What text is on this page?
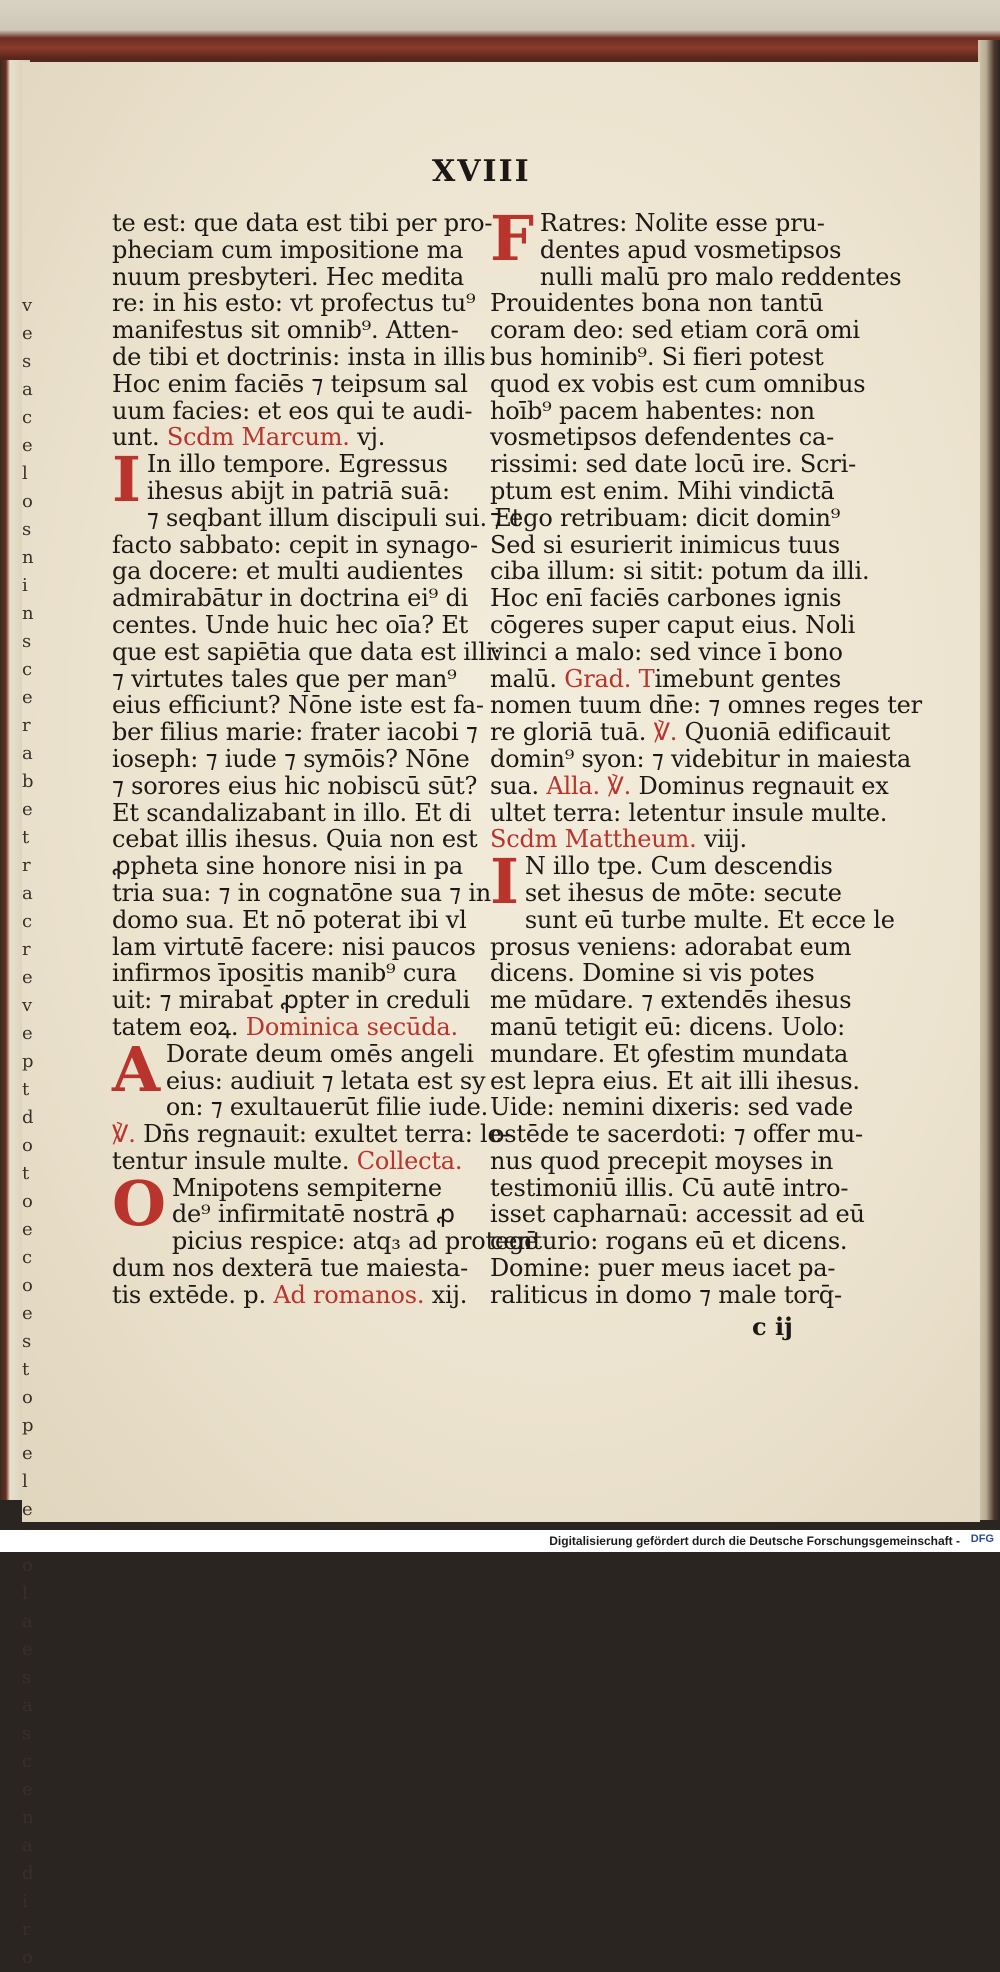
v e s a c e l o s n i n s c e r a b e t r a c r e v e p t d o t o e c o e s t o p e l e o l a e s a s c e n a d i r o
XVIII
te est: que data est tibi per pro-
pheciam cum impositione ma
nuum presbyteri. Hec medita
re: in his esto: vt profectus tu⁹
manifestus sit omnib⁹. Atten-
de tibi et doctrinis: insta in illis
Hoc enim faciēs ⁊ teipsum sal
uum facies: et eos qui te audi-
unt. Scdm Marcum. vj.
I In illo tempore. Egressus
ihesus abijt in patriā suā:
⁊ seqbant illum discipuli sui. Et
facto sabbato: cepit in synago-
ga docere: et multi audientes
admirabātur in doctrina ei⁹ di
centes. Unde huic hec oīa? Et
que est sapiētia que data est illi:
⁊ virtutes tales que per man⁹
eius efficiunt? Nōne iste est fa-
ber filius marie: frater iacobi ⁊
ioseph: ⁊ iude ⁊ symōis? Nōne
⁊ sorores eius hic nobiscū sūt?
Et scandalizabant in illo. Et di
cebat illis ihesus. Quia non est
ꝓpheta sine honore nisi in pa
tria sua: ⁊ in cognatōne sua ⁊ in
domo sua. Et nō poterat ibi vl
lam virtutē facere: nisi paucos
infirmos īpositis manib⁹ cura
uit: ⁊ mirabat̄ ꝓpter in creduli
tatem eoꝝ. Dominica secūda.
A Dorate deum omēs angeli
eius: audiuit ⁊ letata est sy
on: ⁊ exultauerūt filie iude.
℣. Dn̄s regnauit: exultet terra: le-
tentur insule multe. Collecta.
O Mnipotens sempiterne
de⁹ infirmitatē nostrā ꝓ
picius respice: atq₃ ad protegē
dum nos dexterā tue maiesta-
tis extēde. p. Ad romanos. xij.
F Ratres: Nolite esse pru-
dentes apud vosmetipsos
nulli malū pro malo reddentes
Prouidentes bona non tantū
coram deo: sed etiam corā omi
bus hominib⁹. Si fieri potest
quod ex vobis est cum omnibus
hoīb⁹ pacem habentes: non
vosmetipsos defendentes ca-
rissimi: sed date locū ire. Scri-
ptum est enim. Mihi vindictā
⁊ ego retribuam: dicit domin⁹
Sed si esurierit inimicus tuus
ciba illum: si sitit: potum da illi.
Hoc enī faciēs carbones ignis
cōgeres super caput eius. Noli
vinci a malo: sed vince ī bono
malū. Grad. Timebunt gentes
nomen tuum dn̄e: ⁊ omnes reges ter
re gloriā tuā. ℣. Quoniā edificauit
domin⁹ syon: ⁊ videbitur in maiesta
sua. Alla. ℣. Dominus regnauit ex
ultet terra: letentur insule multe.
Scdm Mattheum. viij.
I N illo tpe. Cum descendis
set ihesus de mōte: secute
sunt eū turbe multe. Et ecce le
prosus veniens: adorabat eum
dicens. Domine si vis potes
me mūdare. ⁊ extendēs ihesus
manū tetigit eū: dicens. Uolo:
mundare. Et ꝯfestim mundata
est lepra eius. Et ait illi ihesus.
Uide: nemini dixeris: sed vade
ostēde te sacerdoti: ⁊ offer mu-
nus quod precepit moyses in
testimoniū illis. Cū autē intro-
isset capharnaū: accessit ad eū
centurio: rogans eū et dicens.
Domine: puer meus iacet pa-
raliticus in domo ⁊ male torq̄-
c ij
Digitalisierung gefördert durch die Deutsche Forschungsgemeinschaft - DFG
